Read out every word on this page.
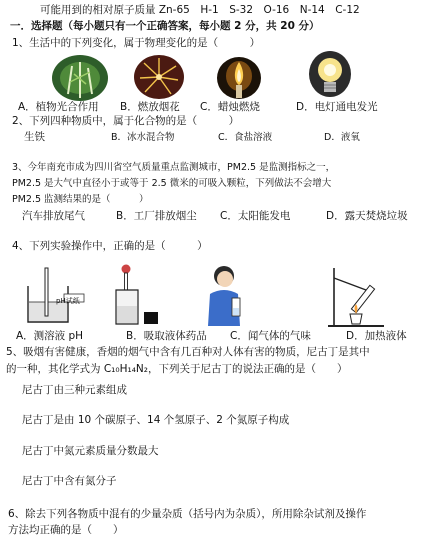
可能用到的相对原子质量 Zn-65　H-1　S-32　O-16　N-14　C-12
一．选择题（每小题只有一个正确答案，每小题 2 分，共 20 分）
1、生活中的下列变化，属于物理变化的是（　　　）
A．植物光合作用 B．燃放烟花 C．蜡烛燃烧	D．电灯通电发光
2、下列四种物质中，属于化合物的是（　　　）
生铁	B．冰水混合物	C．食盐溶液	D．液氧
3、今年南充市成为四川省空气质量重点监测城市，PM2.5 是监测指标之一，
PM2.5 是大气中直径小于或等于 2.5 微米的可吸入颗粒，下列做法不会增大
PM2.5 监测结果的是（　　　）
汽车排放尾气	B．工厂排放烟尘 C．太阳能发电	D．露天焚烧垃圾
4、下列实验操作中，正确的是（　　　）
pH试纸
A．测溶液 pH	B．吸取液体药品 C．闻气体的气味	D．加热液体
5、吸烟有害健康，香烟的烟气中含有几百种对人体有害的物质，尼古丁是其中
的一种，其化学式为 C₁₀H₁₄N₂，下列关于尼古丁的说法正确的是（　　）
尼古丁由三种元素组成
尼古丁是由 10 个碳原子、14 个氢原子、2 个氮原子构成
尼古丁中氮元素质量分数最大
尼古丁中含有氮分子
6、除去下列各物质中混有的少量杂质（括号内为杂质），所用除杂试剂及操作
方法均正确的是（　　）
